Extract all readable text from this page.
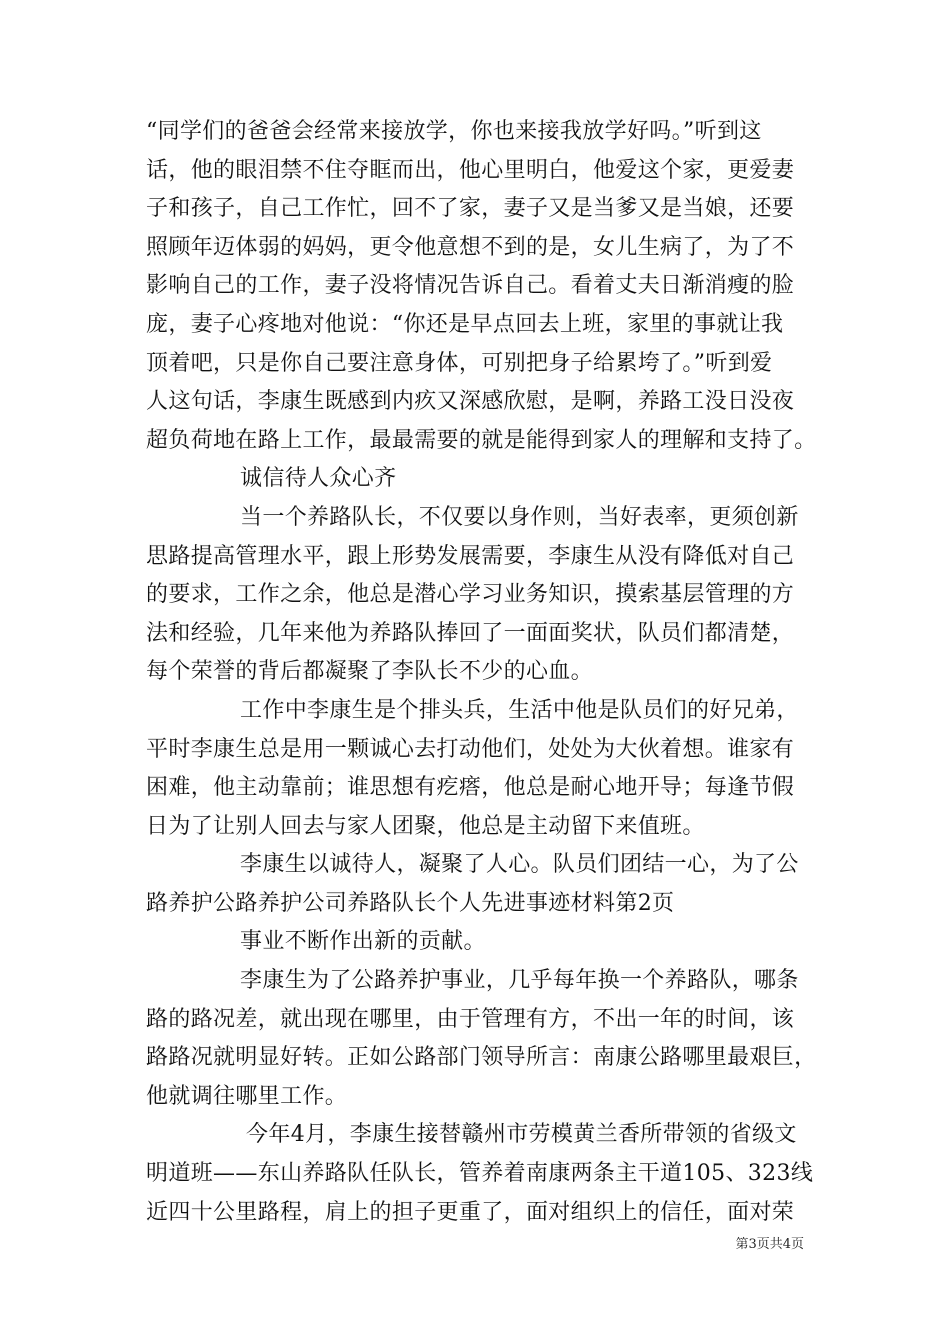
“同学们的爸爸会经常来接放学，你也来接我放学好吗。”听到这
话，他的眼泪禁不住夺眶而出，他心里明白，他爱这个家，更爱妻
子和孩子，自己工作忙，回不了家，妻子又是当爹又是当娘，还要
照顾年迈体弱的妈妈，更令他意想不到的是，女儿生病了，为了不
影响自己的工作，妻子没将情况告诉自己。看着丈夫日渐消瘦的脸
庞，妻子心疼地对他说：“你还是早点回去上班，家里的事就让我
顶着吧，只是你自己要注意身体，可别把身子给累垮了。”听到爱
人这句话，李康生既感到内疚又深感欣慰，是啊，养路工没日没夜
超负荷地在路上工作，最最需要的就是能得到家人的理解和支持了。
诚信待人众心齐
当一个养路队长，不仅要以身作则，当好表率，更须创新
思路提高管理水平，跟上形势发展需要，李康生从没有降低对自己
的要求，工作之余，他总是潜心学习业务知识，摸索基层管理的方
法和经验，几年来他为养路队捧回了一面面奖状，队员们都清楚，
每个荣誉的背后都凝聚了李队长不少的心血。
工作中李康生是个排头兵，生活中他是队员们的好兄弟，
平时李康生总是用一颗诚心去打动他们，处处为大伙着想。谁家有
困难，他主动靠前；谁思想有疙瘩，他总是耐心地开导；每逢节假
日为了让别人回去与家人团聚，他总是主动留下来值班。
李康生以诚待人，凝聚了人心。队员们团结一心，为了公
路养护公路养护公司养路队长个人先进事迹材料第2页
事业不断作出新的贡献。
李康生为了公路养护事业，几乎每年换一个养路队，哪条
路的路况差，就出现在哪里，由于管理有方，不出一年的时间，该
路路况就明显好转。正如公路部门领导所言：南康公路哪里最艰巨，
他就调往哪里工作。
今年4月，李康生接替赣州市劳模黄兰香所带领的省级文
明道班——东山养路队任队长，管养着南康两条主干道105、323线
近四十公里路程，肩上的担子更重了，面对组织上的信任，面对荣
第3页共4页
